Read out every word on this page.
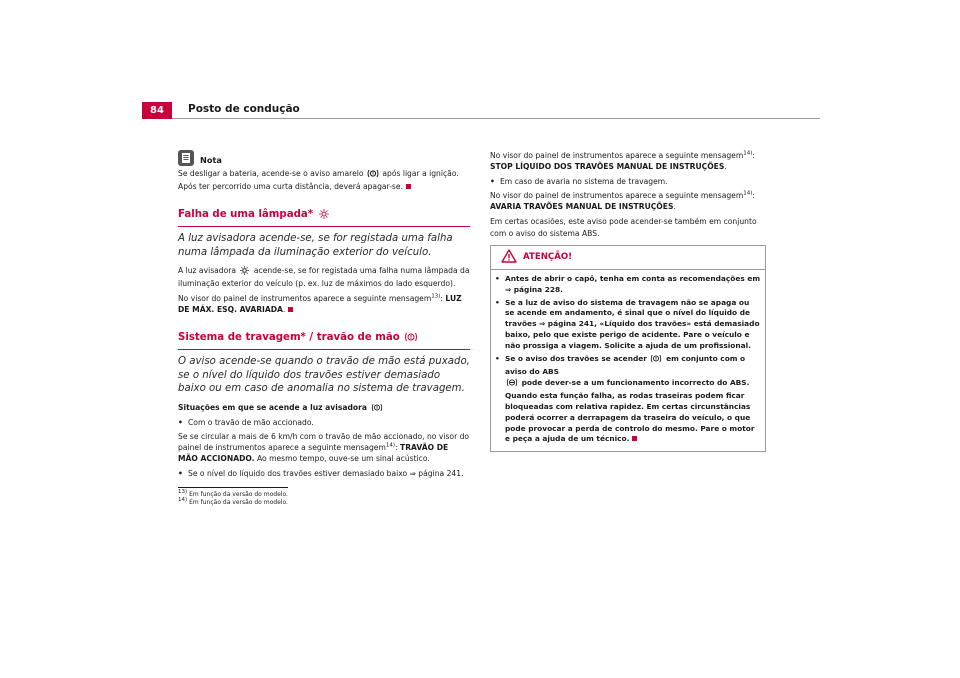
84	Posto de condução
Nota

Se desligar a bateria, acende-se o aviso amarelo após ligar a ignição. Após ter percorrido uma curta distância, deverá apagar-se.

Falha de uma lâmpada*

A luz avisadora acende-se, se for registada uma falha numa lâmpada da iluminação exterior do veículo.

A luz avisadora acende-se, se for registada uma falha numa lâmpada da iluminação exterior do veículo (p. ex. luz de máximos do lado esquerdo).

No visor do painel de instrumentos aparece a seguinte mensagem$^{13)}$: LUZ DE MÁX. ESQ. AVARIADA.

Sistema de travagem* / travão de mão

O aviso acende-se quando o travão de mão está puxado, se o nível do líquido dos travões estiver demasiado baixo ou em caso de anomalia no sistema de travagem.

Situações em que se acende a luz avisadora

• Com o travão de mão accionado.

Se se circular a mais de 6 km/h com o travão de mão accionado, no visor do painel de instrumentos aparece a seguinte mensagem$^{14)}$: TRAVÃO DE MÃO ACCIONADO. Ao mesmo tempo, ouve-se um sinal acústico.

• Se o nível do líquido dos travões estiver demasiado baixo ⇒ página 241.
$^{13)}$ Em função da versão do modelo.
$^{14)}$ Em função da versão do modelo.

No visor do painel de instrumentos aparece a seguinte mensagem$^{14)}$: STOP LÍQUIDO DOS TRAVÕES MANUAL DE INSTRUÇÕES.

• Em caso de avaria no sistema de travagem.

No visor do painel de instrumentos aparece a seguinte mensagem$^{14)}$:
AVARIA TRAVÕES MANUAL DE INSTRUÇÕES.

Em certas ocasiões, este aviso pode acender-se também em conjunto com o aviso do sistema ABS.

ATENÇÃO!
• Antes de abrir o capô, tenha em conta as recomendações em ⇒ página 228.
• Se a luz de aviso do sistema de travagem não se apaga ou se acende em andamento, é sinal que o nível do líquido de travões ⇒ página 241, «Líquido dos travões» está demasiado baixo, pelo que existe perigo de acidente. Pare o veículo e não prossiga a viagem. Solicite a ajuda de um profissional.
• Se o aviso dos travões se acender	em conjunto com o aviso do ABS
pode dever-se a um funcionamento incorrecto do ABS. Quando esta função falha, as rodas traseiras podem ficar bloqueadas com relativa rapidez. Em certas circunstâncias poderá ocorrer a derrapagem da traseira do veículo, o que pode provocar a perda de controlo do mesmo. Pare o motor e peça a ajuda de um técnico.
